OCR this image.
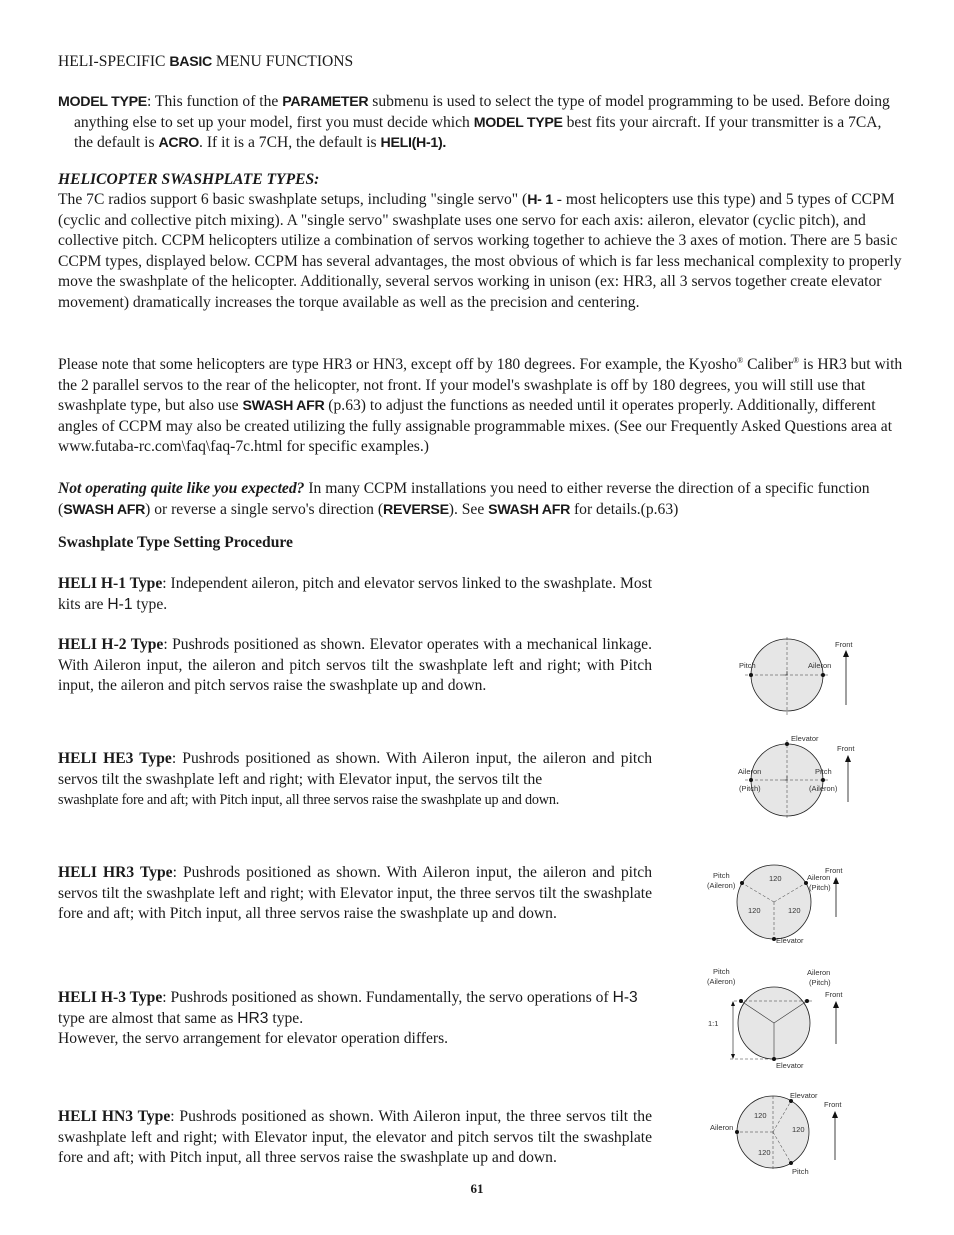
HELI-SPECIFIC BASIC MENU FUNCTIONS

MODEL TYPE: This function of the PARAMETER submenu is used to select the type of model programming to be used. Before doing anything else to set up your model, first you must decide which MODEL TYPE best fits your aircraft. If your transmitter is a 7CA, the default is ACRO. If it is a 7CH, the default is HELI(H-1).

HELICOPTER SWASHPLATE TYPES:

The 7C radios support 6 basic swashplate setups, including "single servo" (H- 1 - most helicopters use this type) and 5 types of CCPM (cyclic and collective pitch mixing). A "single servo" swashplate uses one servo for each axis: aileron, elevator (cyclic pitch), and collective pitch. CCPM helicopters utilize a combination of servos working together to achieve the 3 axes of motion. There are 5 basic CCPM types, displayed below. CCPM has several advantages, the most obvious of which is far less mechanical complexity to properly move the swashplate of the helicopter. Additionally, several servos working in unison (ex: HR3, all 3 servos together create elevator movement) dramatically increases the torque available as well as the precision and centering.

Please note that some helicopters are type HR3 or HN3, except off by 180 degrees. For example, the Kyosho® Caliber® is HR3 but with the 2 parallel servos to the rear of the helicopter, not front. If your model's swashplate is off by 180 degrees, you will still use that swashplate type, but also use SWASH AFR (p.63) to adjust the functions as needed until it operates properly. Additionally, different angles of CCPM may also be created utilizing the fully assignable programmable mixes. (See our Frequently Asked Questions area at www.futaba-rc.com\faq\faq-7c.html for specific examples.)

Not operating quite like you expected? In many CCPM installations you need to either reverse the direction of a specific function (SWASH AFR) or reverse a single servo's direction (REVERSE). See SWASH AFR for details.(p.63)

Swashplate Type Setting Procedure

HELI H-1 Type: Independent aileron, pitch and elevator servos linked to the swashplate. Most kits are H-1 type.

HELI H-2 Type: Pushrods positioned as shown. Elevator operates with a mechanical linkage. With Aileron input, the aileron and pitch servos tilt the swashplate left and right; with Pitch input, the aileron and pitch servos raise the swashplate up and down.

HELI HE3 Type: Pushrods positioned as shown. With Aileron input, the aileron and pitch servos tilt the swashplate left and right; with Elevator input, the servos tilt the
swashplate fore and aft; with Pitch input, all three servos raise the swashplate up and down.

HELI HR3 Type: Pushrods positioned as shown. With Aileron input, the aileron and pitch servos tilt the swashplate left and right; with Elevator input, the three servos tilt the swashplate fore and aft; with Pitch input, all three servos raise the swashplate up and down.

HELI H-3 Type: Pushrods positioned as shown. Fundamentally, the servo operations of H-3 type are almost that same as HR3 type.
However, the servo arrangement for elevator operation differs.

HELI HN3 Type: Pushrods positioned as shown. With Aileron input, the three servos tilt the swashplate left and right; with Elevator input, the elevator and pitch servos tilt the swashplate fore and aft; with Pitch input, all three servos raise the swashplate up and down.

Pitch	Aileron
Front
Elevator
Aileron
(Pitch)
Pitch
(Aileron)
Front
Pitch
(Aileron)
Aileron
(Pitch)
Elevator
120
120	120
Front
Pitch
(Aileron)
Aileron
(Pitch)
Elevator
1:1
Front
Aileron
Elevator
Pitch
120
120
120
Front
61
